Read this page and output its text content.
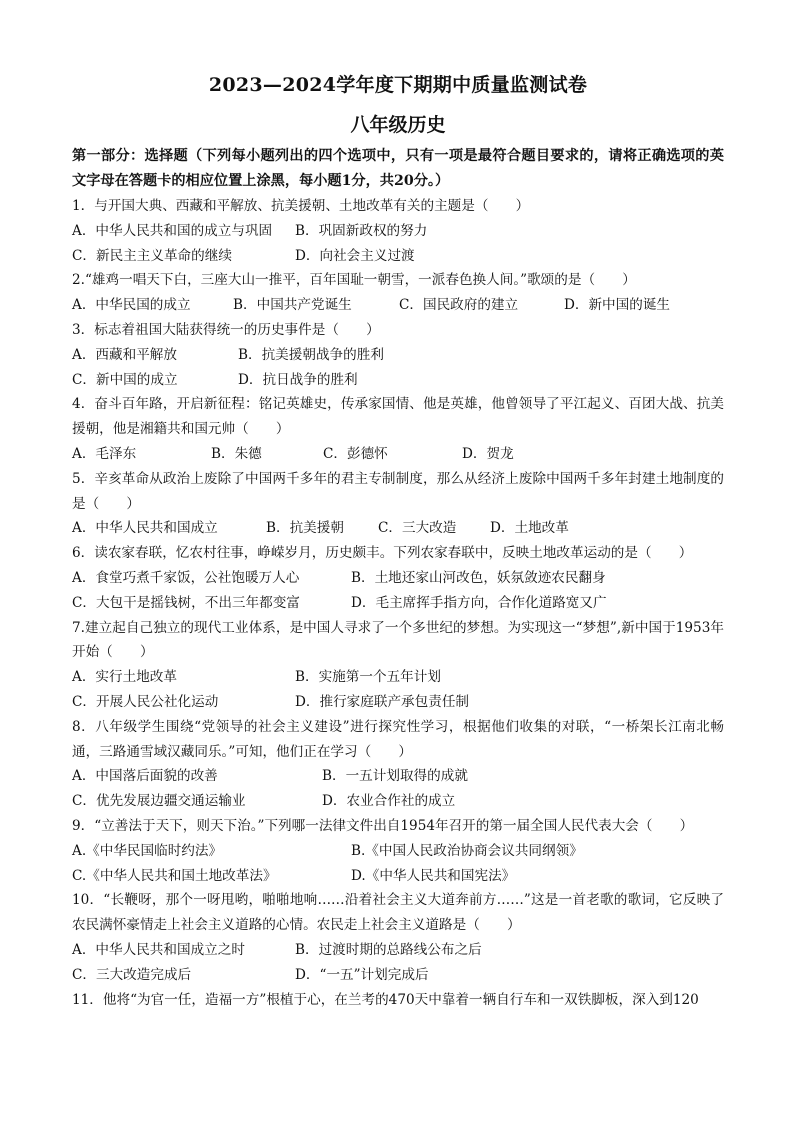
2023—2024学年度下期期中质量监测试卷
八年级历史

第一部分：选择题（下列每小题列出的四个选项中，只有一项是最符合题目要求的，请将正确选项的英文字母在答题卡的相应位置上涂黑，每小题1分，共20分。）

1．与开国大典、西藏和平解放、抗美援朝、土地改革有关的主题是（　　）

A．中华人民共和国的成立与巩固	B．巩固新政权的努力
C．新民主主义革命的继续	D．向社会主义过渡

2.“雄鸡一唱天下白，三座大山一推平，百年国耻一朝雪，一派春色换人间。”歌颂的是（　　）

A．中华民国的成立	B．中国共产党诞生	C．国民政府的建立	D．新中国的诞生

3．标志着祖国大陆获得统一的历史事件是（　　）

A．西藏和平解放	B．抗美援朝战争的胜利
C．新中国的成立	D．抗日战争的胜利

4．奋斗百年路，开启新征程：铭记英雄史，传承家国情、他是英雄，他曾领导了平江起义、百团大战、抗美援朝，他是湘籍共和国元帅（　　）

A．毛泽东	B．朱德	C．彭德怀	D．贺龙

5．辛亥革命从政治上废除了中国两千多年的君主专制制度，那么从经济上废除中国两千多年封建土地制度的是（　　）

A．中华人民共和国成立	B．抗美援朝	C．三大改造	D．土地改革

6．读农家春联，忆农村往事，峥嵘岁月，历史颇丰。下列农家春联中，反映土地改革运动的是（　　）

A．食堂巧煮千家饭，公社饱暖万人心	B．土地还家山河改色，妖氛敛迹农民翻身
C．大包干是摇钱树，不出三年都变富	D．毛主席挥手指方向，合作化道路宽又广

7.建立起自己独立的现代工业体系，是中国人寻求了一个多世纪的梦想。为实现这一“梦想”,新中国于1953年开始（　　）

A．实行土地改革	B．实施第一个五年计划
C．开展人民公社化运动	D．推行家庭联产承包责任制

8．八年级学生围绕“党领导的社会主义建设”进行探究性学习，根据他们收集的对联，“一桥架长江南北畅通，三路通雪域汉藏同乐。”可知，他们正在学习（　　）

A．中国落后面貌的改善	B．一五计划取得的成就
C．优先发展边疆交通运输业	D．农业合作社的成立

9．“立善法于天下，则天下治。”下列哪一法律文件出自1954年召开的第一届全国人民代表大会（　　）

A.《中华民国临时约法》	B.《中国人民政治协商会议共同纲领》
C.《中华人民共和国土地改革法》	D.《中华人民共和国宪法》

10．“长鞭呀，那个一呀甩哟，啪啪地响……沿着社会主义大道奔前方……”这是一首老歌的歌词，它反映了农民满怀豪情走上社会主义道路的心情。农民走上社会主义道路是（　　）

A．中华人民共和国成立之时	B．过渡时期的总路线公布之后
C．三大改造完成后	D．“一五”计划完成后

11．他将“为官一任，造福一方”根植于心，在兰考的470天中靠着一辆自行车和一双铁脚板，深入到120
